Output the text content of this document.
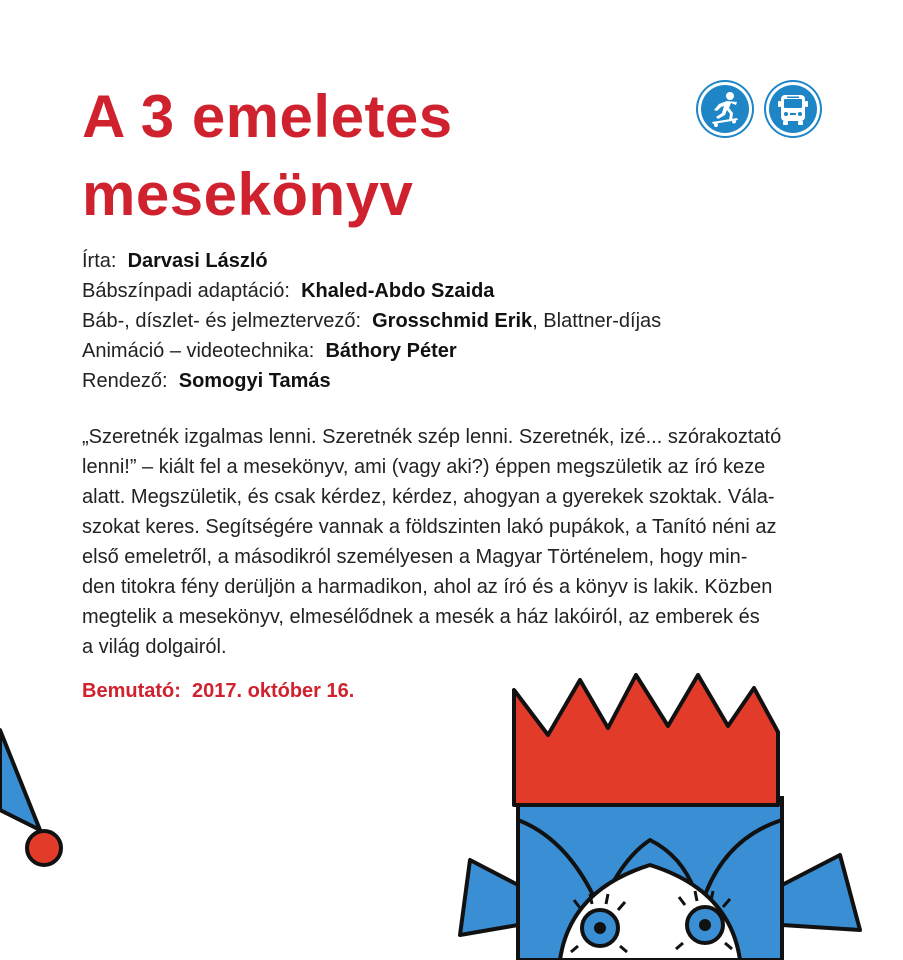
A 3 emeletes
mesekönyv
Írta: Darvasi László
Bábszínpadi adaptáció: Khaled-Abdo Szaida
Báb-, díszlet- és jelmeztervező: Grosschmid Erik, Blattner-díjas
Animáció – videotechnika: Báthory Péter
Rendező: Somogyi Tamás

„Szeretnék izgalmas lenni. Szeretnék szép lenni. Szeretnék, izé... szórakoztató
lenni!” – kiált fel a mesekönyv, ami (vagy aki?) éppen megszületik az író keze
alatt. Megszületik, és csak kérdez, kérdez, ahogyan a gyerekek szoktak. Vála-
szokat keres. Segítségére vannak a földszinten lakó pupákok, a Tanító néni az
első emeletről, a másodikról személyesen a Magyar Történelem, hogy min-
den titokra fény derüljön a harmadikon, ahol az író és a könyv is lakik. Közben
megtelik a mesekönyv, elmesélődnek a mesék a ház lakóiról, az emberek és
a világ dolgairól.

Bemutató: 2017. október 16.
